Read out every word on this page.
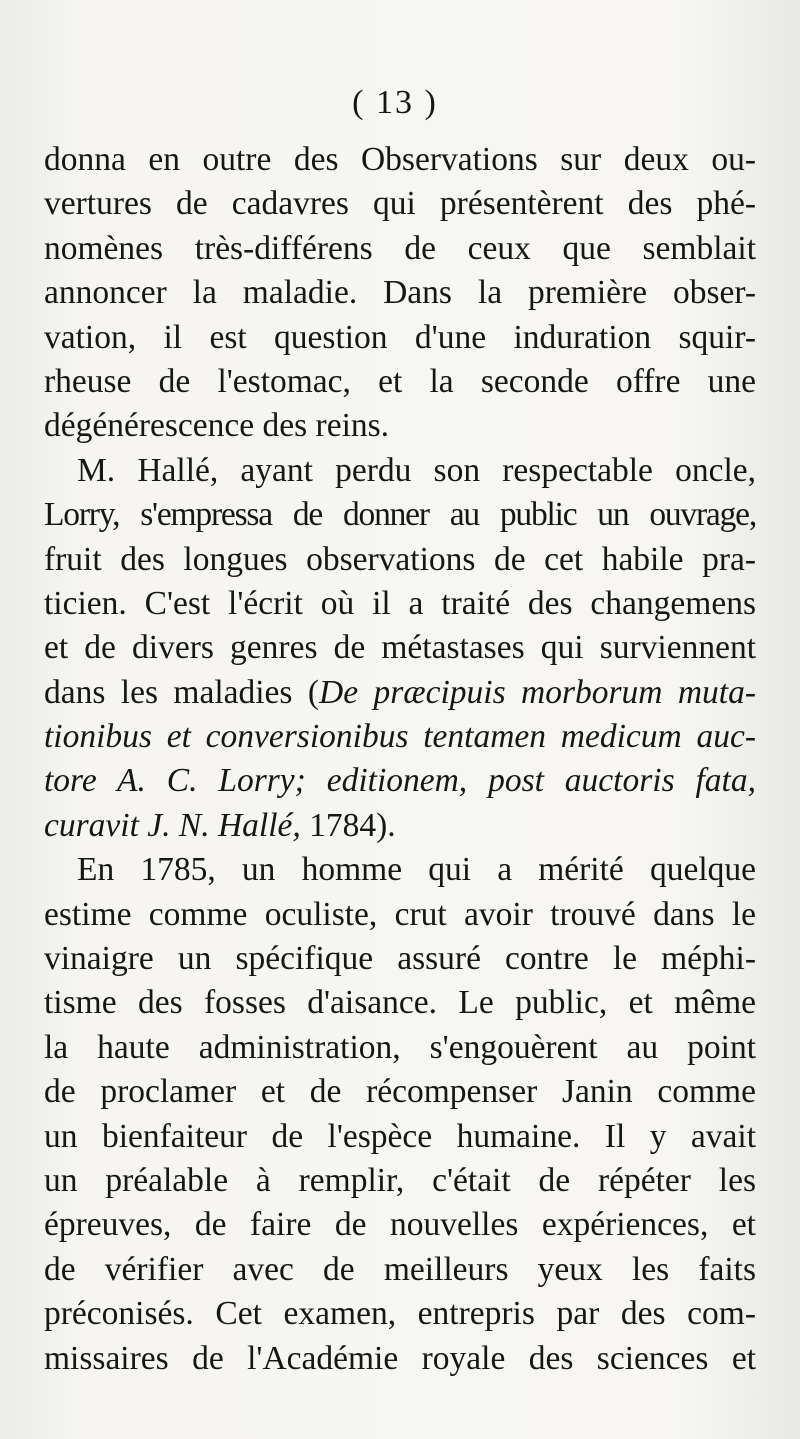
( 13 )
donna en outre des Observations sur deux ou-
vertures de cadavres qui présentèrent des phé-
nomènes très-différens de ceux que semblait
annoncer la maladie. Dans la première obser-
vation, il est question d'une induration squir-
rheuse de l'estomac, et la seconde offre une
dégénérescence des reins.
M. Hallé, ayant perdu son respectable oncle,
Lorry, s'empressa de donner au public un ouvrage,
fruit des longues observations de cet habile pra-
ticien. C'est l'écrit où il a traité des changemens
et de divers genres de métastases qui surviennent
dans les maladies (De præcipuis morborum muta-
tionibus et conversionibus tentamen medicum auc-
tore A. C. Lorry; editionem, post auctoris fata,
curavit J. N. Hallé, 1784).
En 1785, un homme qui a mérité quelque
estime comme oculiste, crut avoir trouvé dans le
vinaigre un spécifique assuré contre le méphi-
tisme des fosses d'aisance. Le public, et même
la haute administration, s'engouèrent au point
de proclamer et de récompenser Janin comme
un bienfaiteur de l'espèce humaine. Il y avait
un préalable à remplir, c'était de répéter les
épreuves, de faire de nouvelles expériences, et
de vérifier avec de meilleurs yeux les faits
préconisés. Cet examen, entrepris par des com-
missaires de l'Académie royale des sciences et
